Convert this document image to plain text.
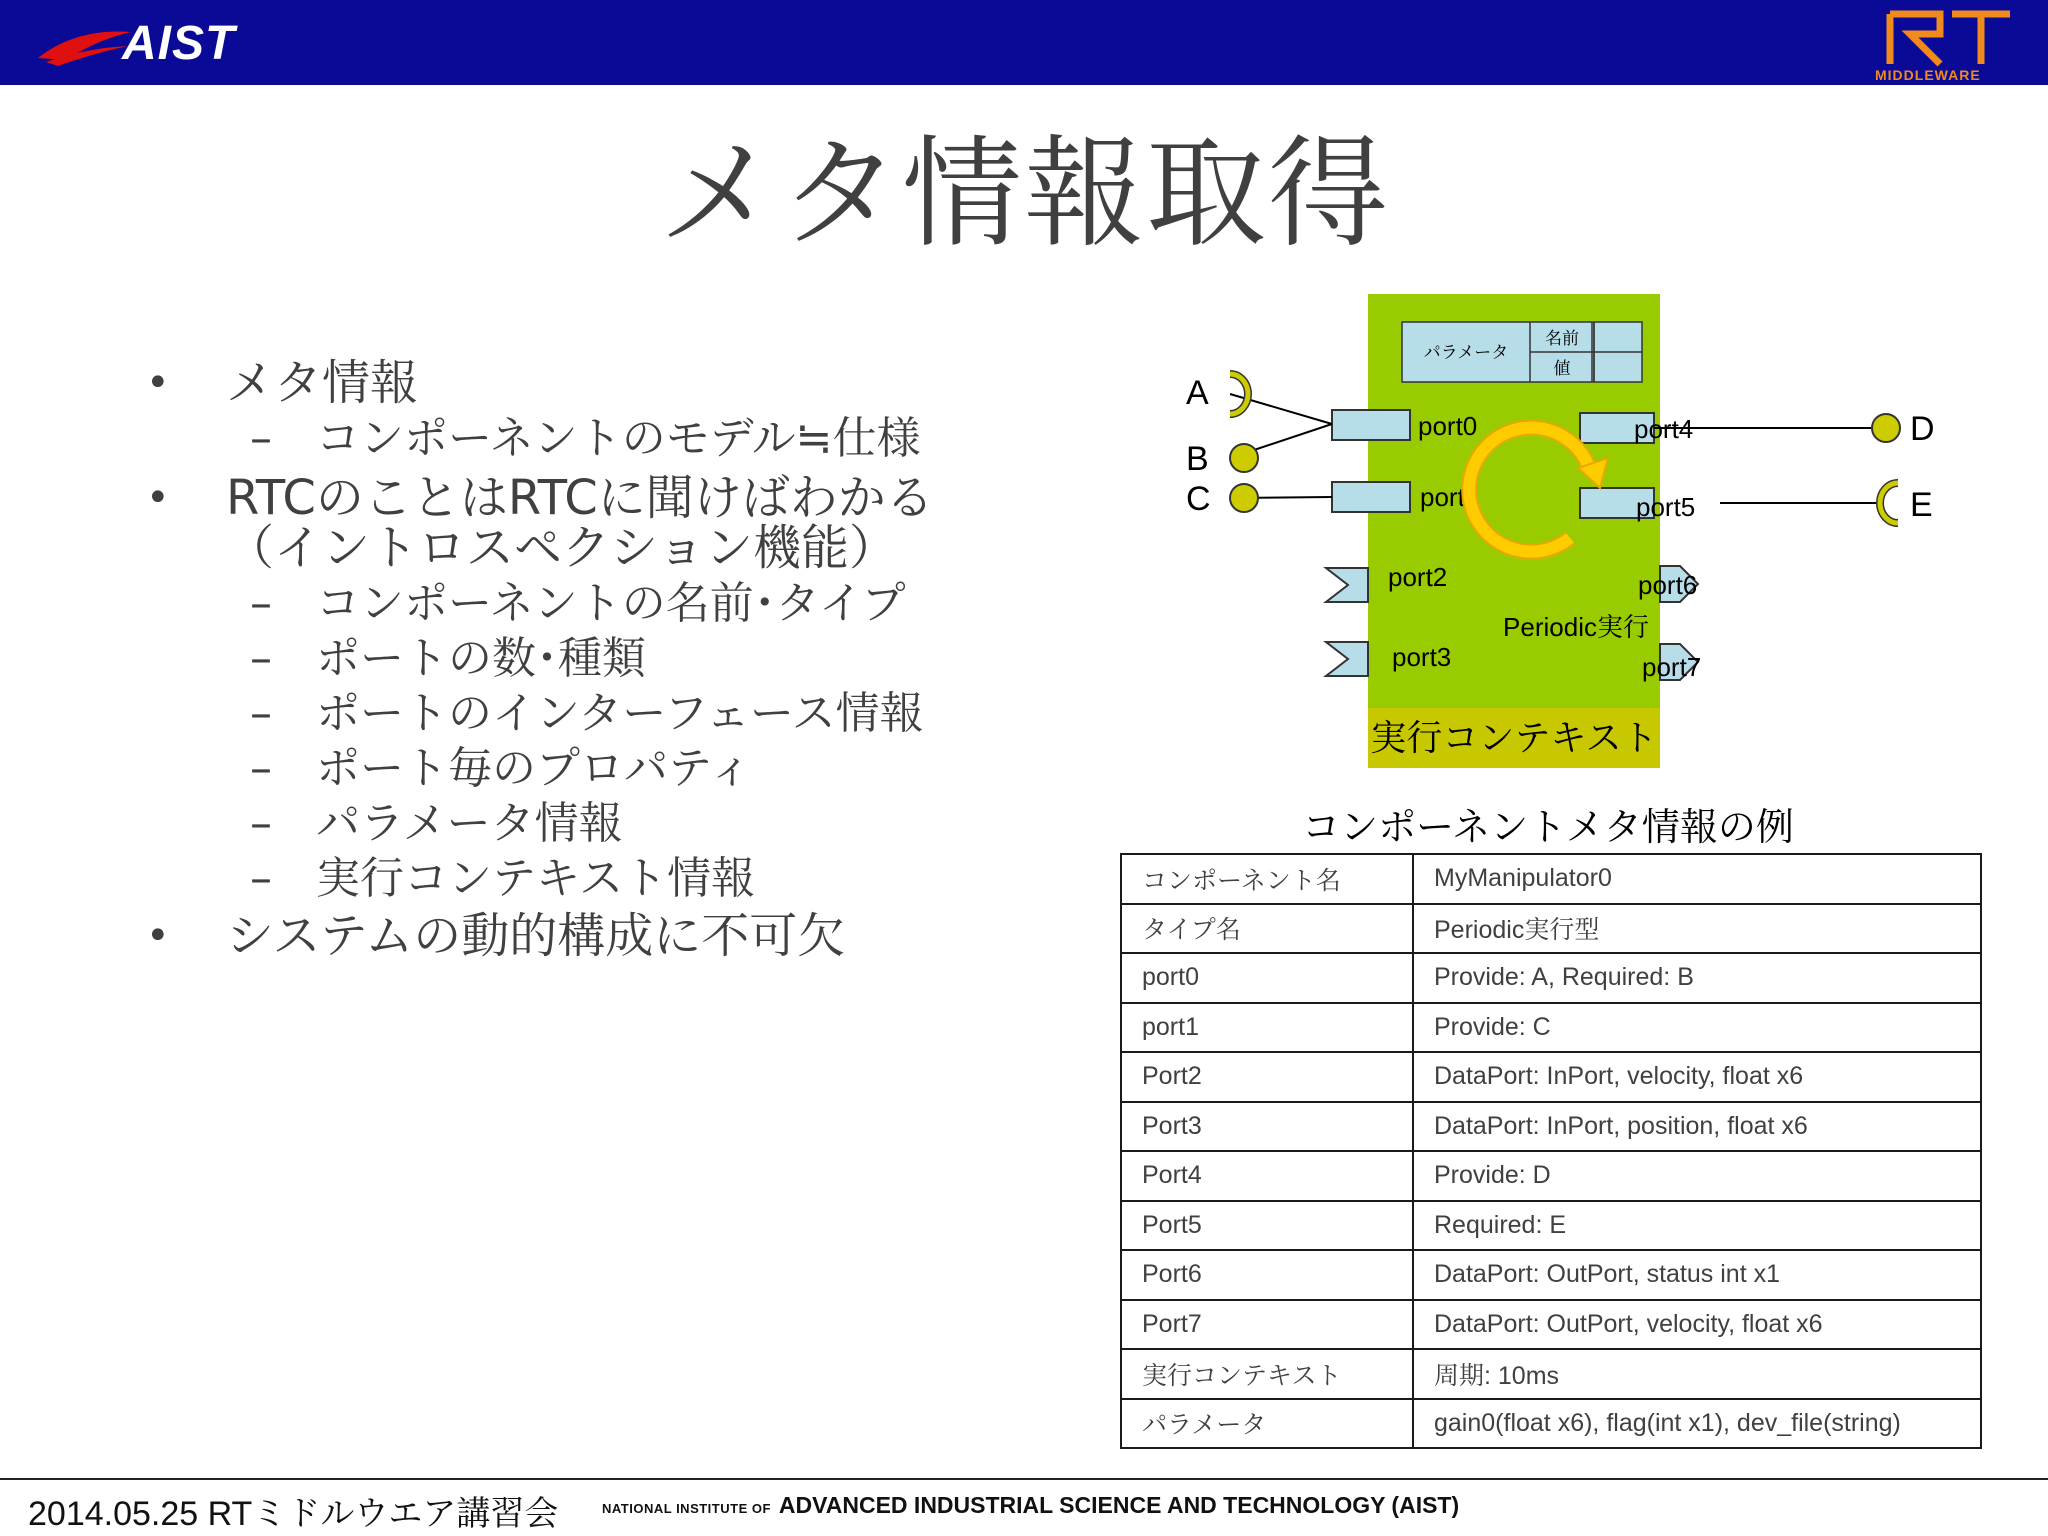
AIST
MIDDLEWARE
メタ情報取得
• メタ情報
– コンポーネントのモデル≒仕様
• RTCのことはRTCに聞けばわかる
（イントロスペクション機能）
– コンポーネントの名前･タイプ
– ポートの数･種類
– ポートのインターフェース情報
– ポート毎のプロパティ
– パラメータ情報
– 実行コンテキスト情報
• システムの動的構成に不可欠
実行コンテキスト
パラメータ
名前
値
port0
port1
port2
port3
port4
port5
port6
port7
Periodic実行
A
B
C
D
E
コンポーネントメタ情報の例
コンポーネント名	MyManipulator0
タイプ名	Periodic実行型
port0	Provide: A, Required: B
port1	Provide: C
Port2	DataPort: InPort, velocity, float x6
Port3	DataPort: InPort, position, float x6
Port4	Provide: D
Port5	Required: E
Port6	DataPort: OutPort, status int x1
Port7	DataPort: OutPort, velocity, float x6
実行コンテキスト	周期: 10ms
パラメータ	gain0(float x6), flag(int x1), dev_file(string)
2014.05.25 RTミドルウエア講習会	NATIONAL INSTITUTE OF ADVANCED INDUSTRIAL SCIENCE AND TECHNOLOGY (AIST)
